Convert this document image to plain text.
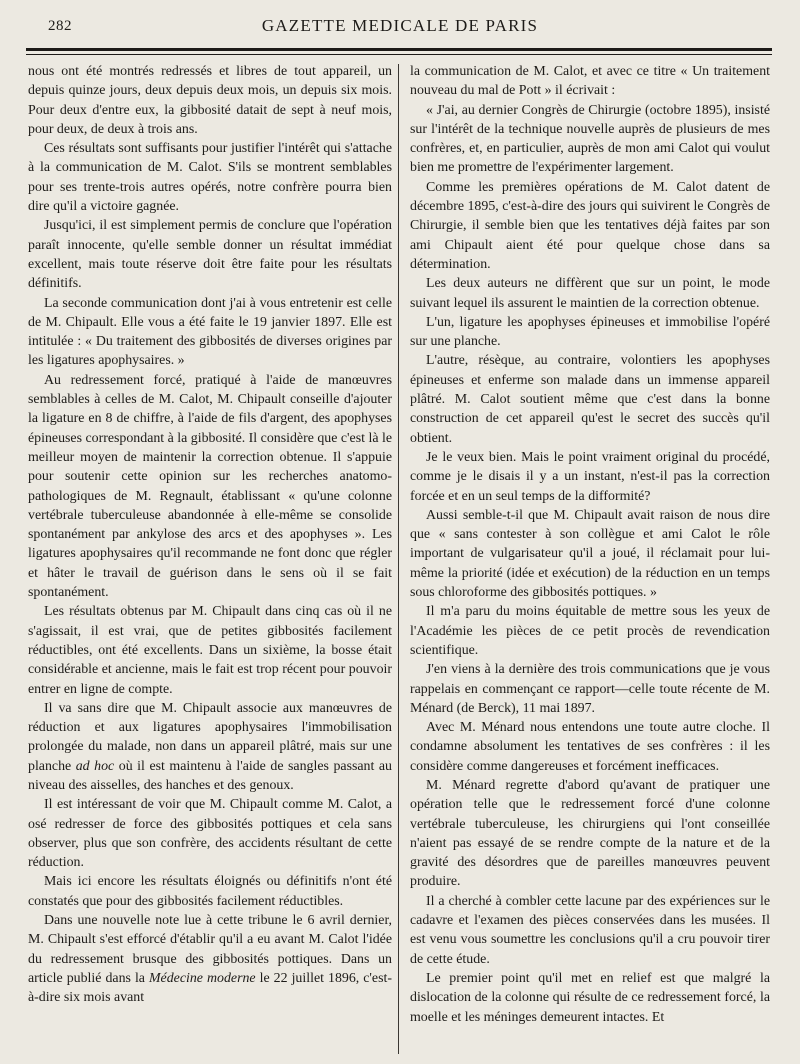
282	GAZETTE MEDICALE DE PARIS

nous ont été montrés redressés et libres de tout appareil, un depuis quinze jours, deux depuis deux mois, un depuis six mois. Pour deux d'entre eux, la gibbosité datait de sept à neuf mois, pour deux, de deux à trois ans.

Ces résultats sont suffisants pour justifier l'intérêt qui s'attache à la communication de M. Calot. S'ils se montrent semblables pour ses trente-trois autres opérés, notre confrère pourra bien dire qu'il a victoire gagnée.

Jusqu'ici, il est simplement permis de conclure que l'opération paraît innocente, qu'elle semble donner un résultat immédiat excellent, mais toute réserve doit être faite pour les résultats définitifs.

La seconde communication dont j'ai à vous entretenir est celle de M. Chipault. Elle vous a été faite le 19 janvier 1897. Elle est intitulée : « Du traitement des gibbosités de diverses origines par les ligatures apophysaires. »

Au redressement forcé, pratiqué à l'aide de manœuvres semblables à celles de M. Calot, M. Chipault conseille d'ajouter la ligature en 8 de chiffre, à l'aide de fils d'argent, des apophyses épineuses correspondant à la gibbosité. Il considère que c'est là le meilleur moyen de maintenir la correction obtenue. Il s'appuie pour soutenir cette opinion sur les recherches anatomo-pathologiques de M. Regnault, établissant « qu'une colonne vertébrale tuberculeuse abandonnée à elle-même se consolide spontanément par ankylose des arcs et des apophyses ». Les ligatures apophysaires qu'il recommande ne font donc que régler et hâter le travail de guérison dans le sens où il se fait spontanément.

Les résultats obtenus par M. Chipault dans cinq cas où il ne s'agissait, il est vrai, que de petites gibbosités facilement réductibles, ont été excellents. Dans un sixième, la bosse était considérable et ancienne, mais le fait est trop récent pour pouvoir entrer en ligne de compte.

Il va sans dire que M. Chipault associe aux manœuvres de réduction et aux ligatures apophysaires l'immobilisation prolongée du malade, non dans un appareil plâtré, mais sur une planche ad hoc où il est maintenu à l'aide de sangles passant au niveau des aisselles, des hanches et des genoux.

Il est intéressant de voir que M. Chipault comme M. Calot, a osé redresser de force des gibbosités pottiques et cela sans observer, plus que son confrère, des accidents résultant de cette réduction.

Mais ici encore les résultats éloignés ou définitifs n'ont été constatés que pour des gibbosités facilement réductibles.

Dans une nouvelle note lue à cette tribune le 6 avril dernier, M. Chipault s'est efforcé d'établir qu'il a eu avant M. Calot l'idée du redressement brusque des gibbosités pottiques. Dans un article publié dans la Médecine moderne le 22 juillet 1896, c'est-à-dire six mois avant

la communication de M. Calot, et avec ce titre « Un traitement nouveau du mal de Pott » il écrivait :

« J'ai, au dernier Congrès de Chirurgie (octobre 1895), insisté sur l'intérêt de la technique nouvelle auprès de plusieurs de mes confrères, et, en particulier, auprès de mon ami Calot qui voulut bien me promettre de l'expérimenter largement.

Comme les premières opérations de M. Calot datent de décembre 1895, c'est-à-dire des jours qui suivirent le Congrès de Chirurgie, il semble bien que les tentatives déjà faites par son ami Chipault aient été pour quelque chose dans sa détermination.

Les deux auteurs ne diffèrent que sur un point, le mode suivant lequel ils assurent le maintien de la correction obtenue.

L'un, ligature les apophyses épineuses et immobilise l'opéré sur une planche.

L'autre, résèque, au contraire, volontiers les apophyses épineuses et enferme son malade dans un immense appareil plâtré. M. Calot soutient même que c'est dans la bonne construction de cet appareil qu'est le secret des succès qu'il obtient.

Je le veux bien. Mais le point vraiment original du procédé, comme je le disais il y a un instant, n'est-il pas la correction forcée et en un seul temps de la difformité?

Aussi semble-t-il que M. Chipault avait raison de nous dire que « sans contester à son collègue et ami Calot le rôle important de vulgarisateur qu'il a joué, il réclamait pour lui-même la priorité (idée et exécution) de la réduction en un temps sous chloroforme des gibbosités pottiques. »

Il m'a paru du moins équitable de mettre sous les yeux de l'Académie les pièces de ce petit procès de revendication scientifique.

J'en viens à la dernière des trois communications que je vous rappelais en commençant ce rapport—celle toute récente de M. Ménard (de Berck), 11 mai 1897.

Avec M. Ménard nous entendons une toute autre cloche. Il condamne absolument les tentatives de ses confrères : il les considère comme dangereuses et forcément inefficaces.

M. Ménard regrette d'abord qu'avant de pratiquer une opération telle que le redressement forcé d'une colonne vertébrale tuberculeuse, les chirurgiens qui l'ont conseillée n'aient pas essayé de se rendre compte de la nature et de la gravité des désordres que de pareilles manœuvres peuvent produire.

Il a cherché à combler cette lacune par des expériences sur le cadavre et l'examen des pièces conservées dans les musées. Il est venu vous soumettre les conclusions qu'il a cru pouvoir tirer de cette étude.

Le premier point qu'il met en relief est que malgré la dislocation de la colonne qui résulte de ce redressement forcé, la moelle et les méninges demeurent intactes. Et
